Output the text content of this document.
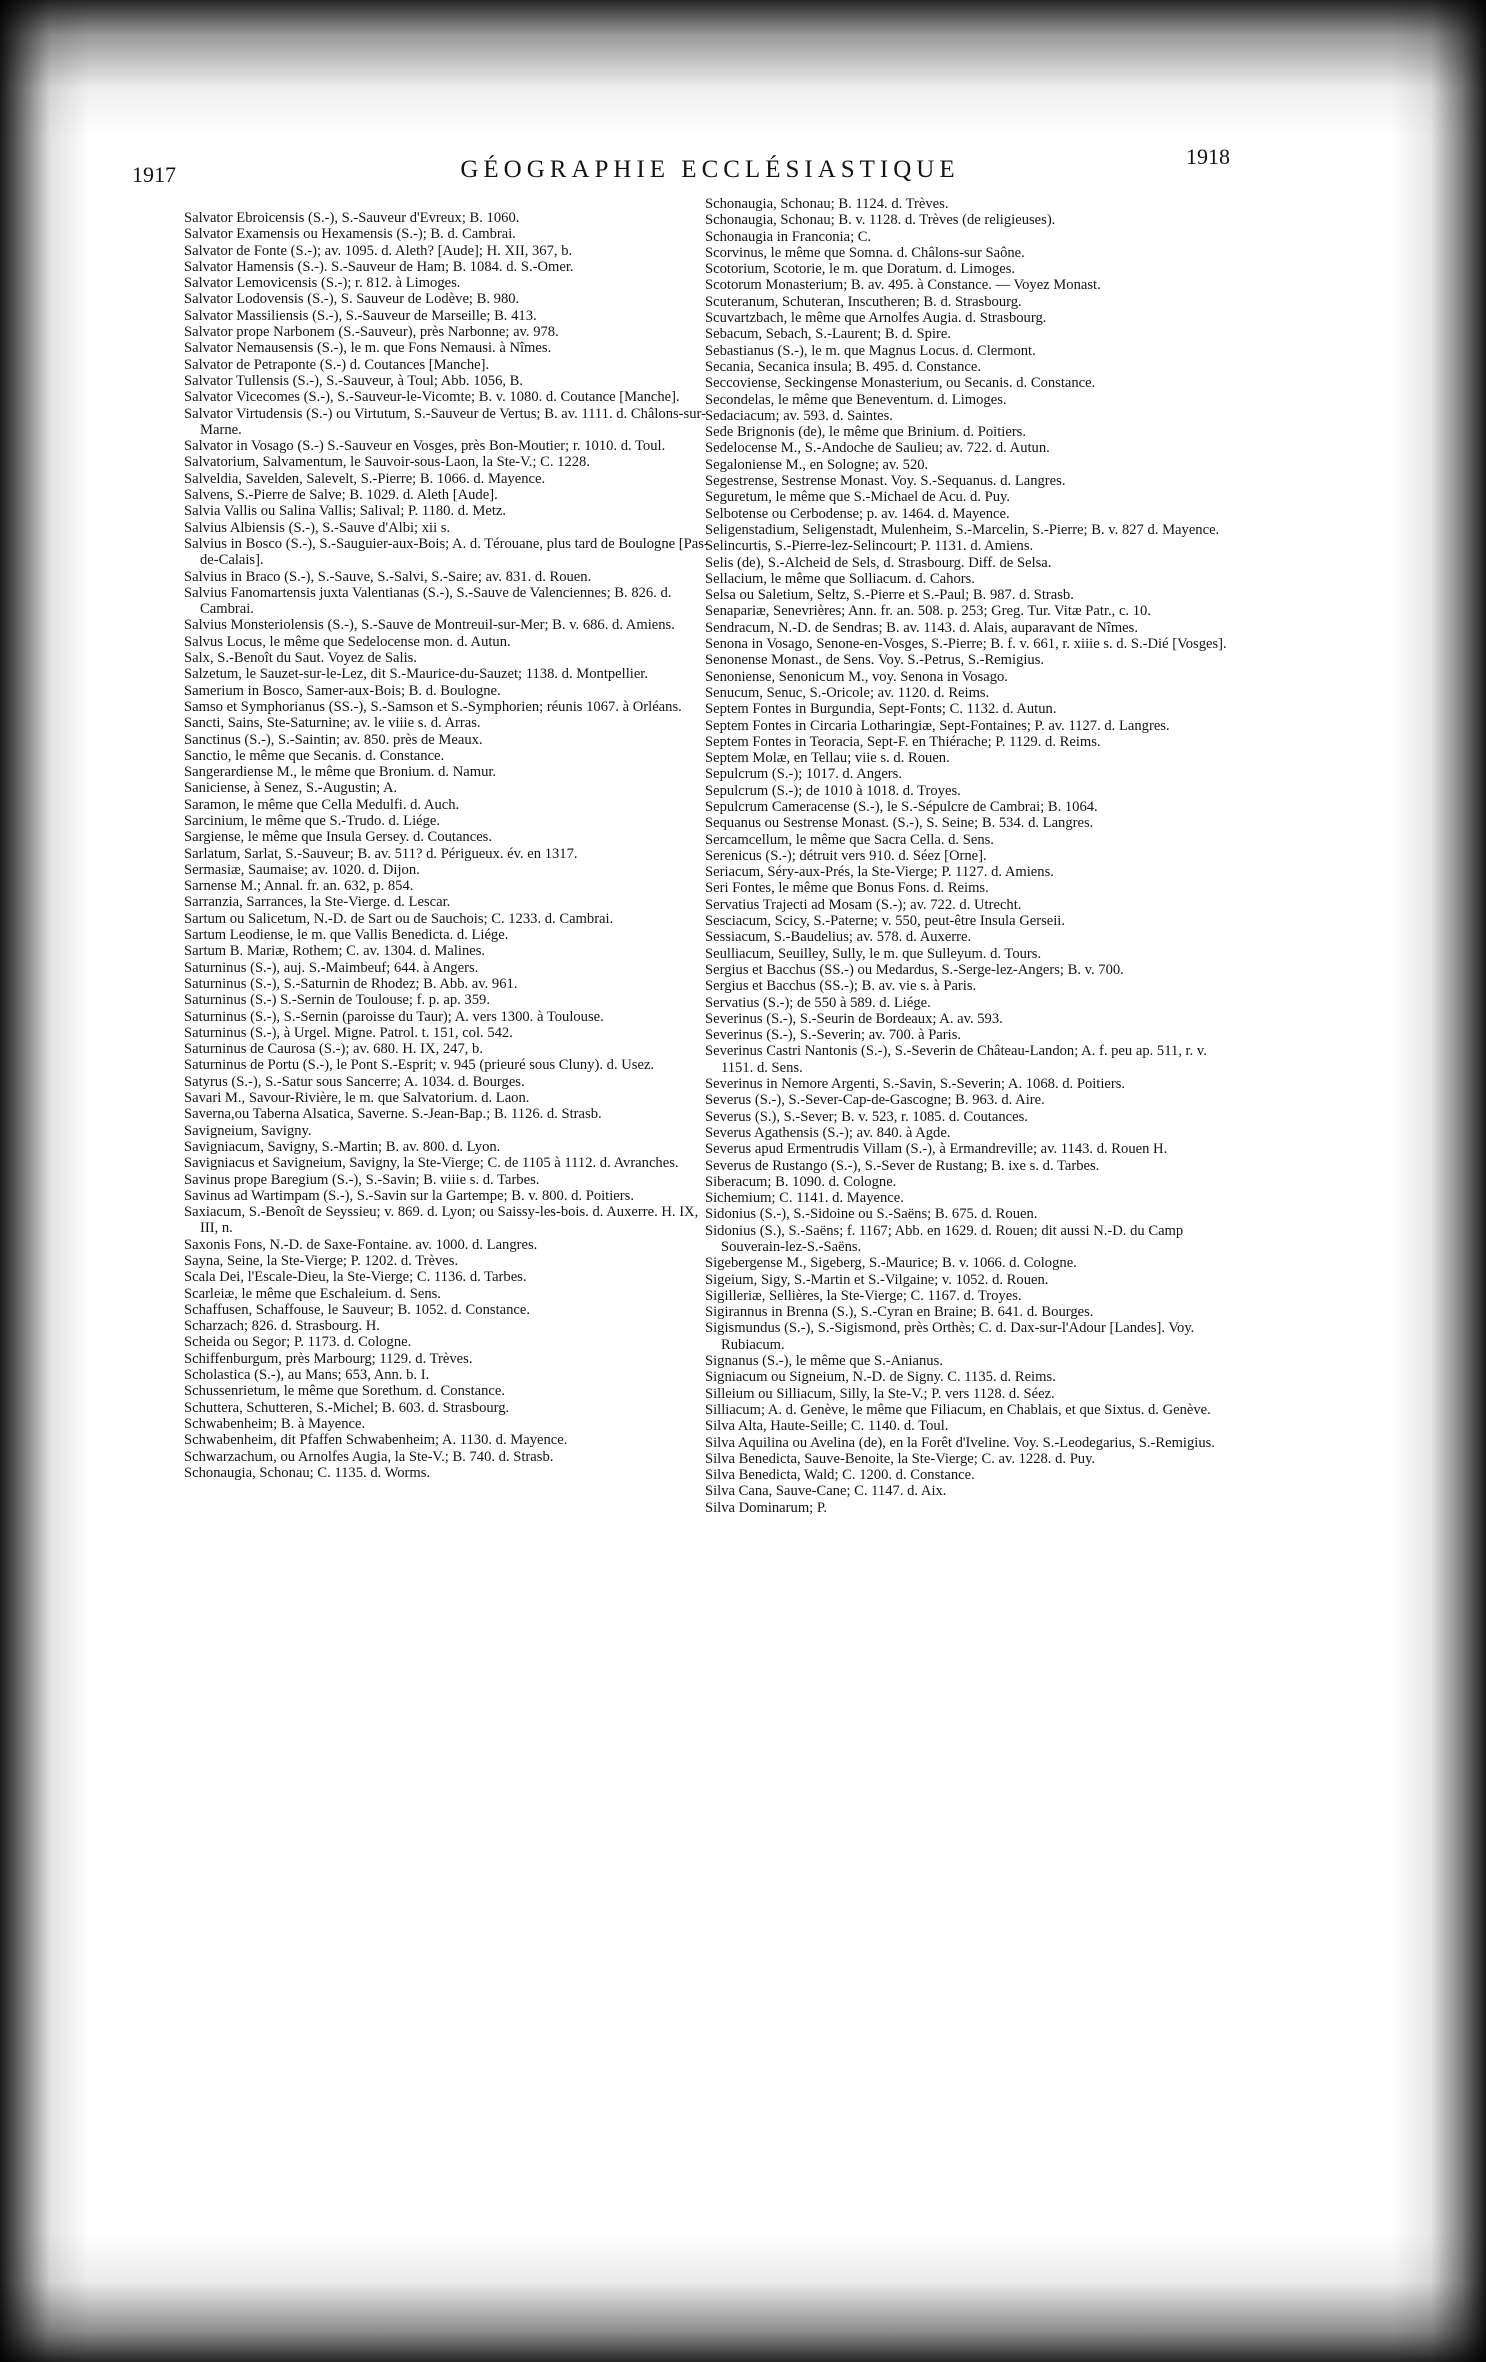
1917	GÉOGRAPHIE ECCLÉSIASTIQUE	1918

Salvator Ebroicensis (S.-), S.-Sauveur d'Evreux; B. 1060.

Salvator Examensis ou Hexamensis (S.-); B. d. Cambrai.

Salvator de Fonte (S.-); av. 1095. d. Aleth? [Aude]; H. XII, 367, b.

Salvator Hamensis (S.-). S.-Sauveur de Ham; B. 1084. d. S.-Omer.

Salvator Lemovicensis (S.-); r. 812. à Limoges.

Salvator Lodovensis (S.-), S. Sauveur de Lodève; B. 980.

Salvator Massiliensis (S.-), S.-Sauveur de Marseille; B. 413.

Salvator prope Narbonem (S.-Sauveur), près Narbonne; av. 978.

Salvator Nemausensis (S.-), le m. que Fons Nemausi. à Nîmes.

Salvator de Petraponte (S.-) d. Coutances [Manche].

Salvator Tullensis (S.-), S.-Sauveur, à Toul; Abb. 1056, B.

Salvator Vicecomes (S.-), S.-Sauveur-le-Vicomte; B. v. 1080. d. Coutance [Manche].

Salvator Virtudensis (S.-) ou Virtutum, S.-Sauveur de Vertus; B. av. 1111. d. Châlons-sur-Marne.

Salvator in Vosago (S.-) S.-Sauveur en Vosges, près Bon-Moutier; r. 1010. d. Toul.

Salvatorium, Salvamentum, le Sauvoir-sous-Laon, la Ste-V.; C. 1228.

Salveldia, Savelden, Salevelt, S.-Pierre; B. 1066. d. Mayence.

Salvens, S.-Pierre de Salve; B. 1029. d. Aleth [Aude].

Salvia Vallis ou Salina Vallis; Salival; P. 1180. d. Metz.

Salvius Albiensis (S.-), S.-Sauve d'Albi; xii s.

Salvius in Bosco (S.-), S.-Sauguier-aux-Bois; A. d. Térouane, plus tard de Boulogne [Pas-de-Calais].

Salvius in Braco (S.-), S.-Sauve, S.-Salvi, S.-Saire; av. 831. d. Rouen.

Salvius Fanomartensis juxta Valentianas (S.-), S.-Sauve de Valenciennes; B. 826. d. Cambrai.

Salvius Monsteriolensis (S.-), S.-Sauve de Montreuil-sur-Mer; B. v. 686. d. Amiens.

Salvus Locus, le même que Sedelocense mon. d. Autun.

Salx, S.-Benoît du Saut. Voyez de Salis.

Salzetum, le Sauzet-sur-le-Lez, dit S.-Maurice-du-Sauzet; 1138. d. Montpellier.

Samerium in Bosco, Samer-aux-Bois; B. d. Boulogne.

Samso et Symphorianus (SS.-), S.-Samson et S.-Symphorien; réunis 1067. à Orléans.

Sancti, Sains, Ste-Saturnine; av. le viiie s. d. Arras.

Sanctinus (S.-), S.-Saintin; av. 850. près de Meaux.

Sanctio, le même que Secanis. d. Constance.

Sangerardiense M., le même que Bronium. d. Namur.

Saniciense, à Senez, S.-Augustin; A.

Saramon, le même que Cella Medulfi. d. Auch.

Sarcinium, le même que S.-Trudo. d. Liége.

Sargiense, le même que Insula Gersey. d. Coutances.

Sarlatum, Sarlat, S.-Sauveur; B. av. 511? d. Périgueux. év. en 1317.

Sermasiæ, Saumaise; av. 1020. d. Dijon.

Sarnense M.; Annal. fr. an. 632, p. 854.

Sarranzia, Sarrances, la Ste-Vierge. d. Lescar.

Sartum ou Salicetum, N.-D. de Sart ou de Sauchois; C. 1233. d. Cambrai.

Sartum Leodiense, le m. que Vallis Benedicta. d. Liége.

Sartum B. Mariæ, Rothem; C. av. 1304. d. Malines.

Saturninus (S.-), auj. S.-Maimbeuf; 644. à Angers.

Saturninus (S.-), S.-Saturnin de Rhodez; B. Abb. av. 961.

Saturninus (S.-) S.-Sernin de Toulouse; f. p. ap. 359.

Saturninus (S.-), S.-Sernin (paroisse du Taur); A. vers 1300. à Toulouse.

Saturninus (S.-), à Urgel. Migne. Patrol. t. 151, col. 542.

Saturninus de Caurosa (S.-); av. 680. H. IX, 247, b.

Saturninus de Portu (S.-), le Pont S.-Esprit; v. 945 (prieuré sous Cluny). d. Usez.

Satyrus (S.-), S.-Satur sous Sancerre; A. 1034. d. Bourges.

Savari M., Savour-Rivière, le m. que Salvatorium. d. Laon.

Saverna,ou Taberna Alsatica, Saverne. S.-Jean-Bap.; B. 1126. d. Strasb.

Savigneium, Savigny.

Savigniacum, Savigny, S.-Martin; B. av. 800. d. Lyon.

Savigniacus et Savigneium, Savigny, la Ste-Vierge; C. de 1105 à 1112. d. Avranches.

Savinus prope Baregium (S.-), S.-Savin; B. viiie s. d. Tarbes.

Savinus ad Wartimpam (S.-), S.-Savin sur la Gartempe; B. v. 800. d. Poitiers.

Saxiacum, S.-Benoît de Seyssieu; v. 869. d. Lyon; ou Saissy-les-bois. d. Auxerre. H. IX, III, n.

Saxonis Fons, N.-D. de Saxe-Fontaine. av. 1000. d. Langres.

Sayna, Seine, la Ste-Vierge; P. 1202. d. Trèves.

Scala Dei, l'Escale-Dieu, la Ste-Vierge; C. 1136. d. Tarbes.

Scarleiæ, le même que Eschaleium. d. Sens.

Schaffusen, Schaffouse, le Sauveur; B. 1052. d. Constance.

Scharzach; 826. d. Strasbourg. H.

Scheida ou Segor; P. 1173. d. Cologne.

Schiffenburgum, près Marbourg; 1129. d. Trèves.

Scholastica (S.-), au Mans; 653, Ann. b. I.

Schussenrietum, le même que Sorethum. d. Constance.

Schuttera, Schutteren, S.-Michel; B. 603. d. Strasbourg.

Schwabenheim; B. à Mayence.

Schwabenheim, dit Pfaffen Schwabenheim; A. 1130. d. Mayence.

Schwarzachum, ou Arnolfes Augia, la Ste-V.; B. 740. d. Strasb.

Schonaugia, Schonau; C. 1135. d. Worms.

Schonaugia, Schonau; B. 1124. d. Trèves.

Schonaugia, Schonau; B. v. 1128. d. Trèves (de religieuses).

Schonaugia in Franconia; C.

Scorvinus, le même que Somna. d. Châlons-sur Saône.

Scotorium, Scotorie, le m. que Doratum. d. Limoges.

Scotorum Monasterium; B. av. 495. à Constance. — Voyez Monast.

Scuteranum, Schuteran, Inscutheren; B. d. Strasbourg.

Scuvartzbach, le même que Arnolfes Augia. d. Strasbourg.

Sebacum, Sebach, S.-Laurent; B. d. Spire.

Sebastianus (S.-), le m. que Magnus Locus. d. Clermont.

Secania, Secanica insula; B. 495. d. Constance.

Seccoviense, Seckingense Monasterium, ou Secanis. d. Constance.

Secondelas, le même que Beneventum. d. Limoges.

Sedaciacum; av. 593. d. Saintes.

Sede Brignonis (de), le même que Brinium. d. Poitiers.

Sedelocense M., S.-Andoche de Saulieu; av. 722. d. Autun.

Segaloniense M., en Sologne; av. 520.

Segestrense, Sestrense Monast. Voy. S.-Sequanus. d. Langres.

Seguretum, le même que S.-Michael de Acu. d. Puy.

Selbotense ou Cerbodense; p. av. 1464. d. Mayence.

Seligenstadium, Seligenstadt, Mulenheim, S.-Marcelin, S.-Pierre; B. v. 827 d. Mayence.

Selincurtis, S.-Pierre-lez-Selincourt; P. 1131. d. Amiens.

Selis (de), S.-Alcheid de Sels, d. Strasbourg. Diff. de Selsa.

Sellacium, le même que Solliacum. d. Cahors.

Selsa ou Saletium, Seltz, S.-Pierre et S.-Paul; B. 987. d. Strasb.

Senapariæ, Senevrières; Ann. fr. an. 508. p. 253; Greg. Tur. Vitæ Patr., c. 10.

Sendracum, N.-D. de Sendras; B. av. 1143. d. Alais, auparavant de Nîmes.

Senona in Vosago, Senone-en-Vosges, S.-Pierre; B. f. v. 661, r. xiiie s. d. S.-Dié [Vosges].

Senonense Monast., de Sens. Voy. S.-Petrus, S.-Remigius.

Senoniense, Senonicum M., voy. Senona in Vosago.

Senucum, Senuc, S.-Oricole; av. 1120. d. Reims.

Septem Fontes in Burgundia, Sept-Fonts; C. 1132. d. Autun.

Septem Fontes in Circaria Lotharingiæ, Sept-Fontaines; P. av. 1127. d. Langres.

Septem Fontes in Teoracia, Sept-F. en Thiérache; P. 1129. d. Reims.

Septem Molæ, en Tellau; viie s. d. Rouen.

Sepulcrum (S.-); 1017. d. Angers.

Sepulcrum (S.-); de 1010 à 1018. d. Troyes.

Sepulcrum Cameracense (S.-), le S.-Sépulcre de Cambrai; B. 1064.

Sequanus ou Sestrense Monast. (S.-), S. Seine; B. 534. d. Langres.

Sercamcellum, le même que Sacra Cella. d. Sens.

Serenicus (S.-); détruit vers 910. d. Séez [Orne].

Seriacum, Séry-aux-Prés, la Ste-Vierge; P. 1127. d. Amiens.

Seri Fontes, le même que Bonus Fons. d. Reims.

Servatius Trajecti ad Mosam (S.-); av. 722. d. Utrecht.

Sesciacum, Scicy, S.-Paterne; v. 550, peut-être Insula Gerseii.

Sessiacum, S.-Baudelius; av. 578. d. Auxerre.

Seulliacum, Seuilley, Sully, le m. que Sulleyum. d. Tours.

Sergius et Bacchus (SS.-) ou Medardus, S.-Serge-lez-Angers; B. v. 700.

Sergius et Bacchus (SS.-); B. av. vie s. à Paris.

Servatius (S.-); de 550 à 589. d. Liége.

Severinus (S.-), S.-Seurin de Bordeaux; A. av. 593.

Severinus (S.-), S.-Severin; av. 700. à Paris.

Severinus Castri Nantonis (S.-), S.-Severin de Château-Landon; A. f. peu ap. 511, r. v. 1151. d. Sens.

Severinus in Nemore Argenti, S.-Savin, S.-Severin; A. 1068. d. Poitiers.

Severus (S.-), S.-Sever-Cap-de-Gascogne; B. 963. d. Aire.

Severus (S.), S.-Sever; B. v. 523, r. 1085. d. Coutances.

Severus Agathensis (S.-); av. 840. à Agde.

Severus apud Ermentrudis Villam (S.-), à Ermandreville; av. 1143. d. Rouen H.

Severus de Rustango (S.-), S.-Sever de Rustang; B. ixe s. d. Tarbes.

Siberacum; B. 1090. d. Cologne.

Sichemium; C. 1141. d. Mayence.

Sidonius (S.-), S.-Sidoine ou S.-Saëns; B. 675. d. Rouen.

Sidonius (S.), S.-Saëns; f. 1167; Abb. en 1629. d. Rouen; dit aussi N.-D. du Camp Souverain-lez-S.-Saëns.

Sigebergense M., Sigeberg, S.-Maurice; B. v. 1066. d. Cologne.

Sigeium, Sigy, S.-Martin et S.-Vilgaine; v. 1052. d. Rouen.

Sigilleriæ, Sellières, la Ste-Vierge; C. 1167. d. Troyes.

Sigirannus in Brenna (S.), S.-Cyran en Braine; B. 641. d. Bourges.

Sigismundus (S.-), S.-Sigismond, près Orthès; C. d. Dax-sur-l'Adour [Landes]. Voy. Rubiacum.

Signanus (S.-), le même que S.-Anianus.

Signiacum ou Signeium, N.-D. de Signy. C. 1135. d. Reims.

Silleium ou Silliacum, Silly, la Ste-V.; P. vers 1128. d. Séez.

Silliacum; A. d. Genève, le même que Filiacum, en Chablais, et que Sixtus. d. Genève.

Silva Alta, Haute-Seille; C. 1140. d. Toul.

Silva Aquilina ou Avelina (de), en la Forêt d'Iveline. Voy. S.-Leodegarius, S.-Remigius.

Silva Benedicta, Sauve-Benoite, la Ste-Vierge; C. av. 1228. d. Puy.

Silva Benedicta, Wald; C. 1200. d. Constance.

Silva Cana, Sauve-Cane; C. 1147. d. Aix.

Silva Dominarum; P.
